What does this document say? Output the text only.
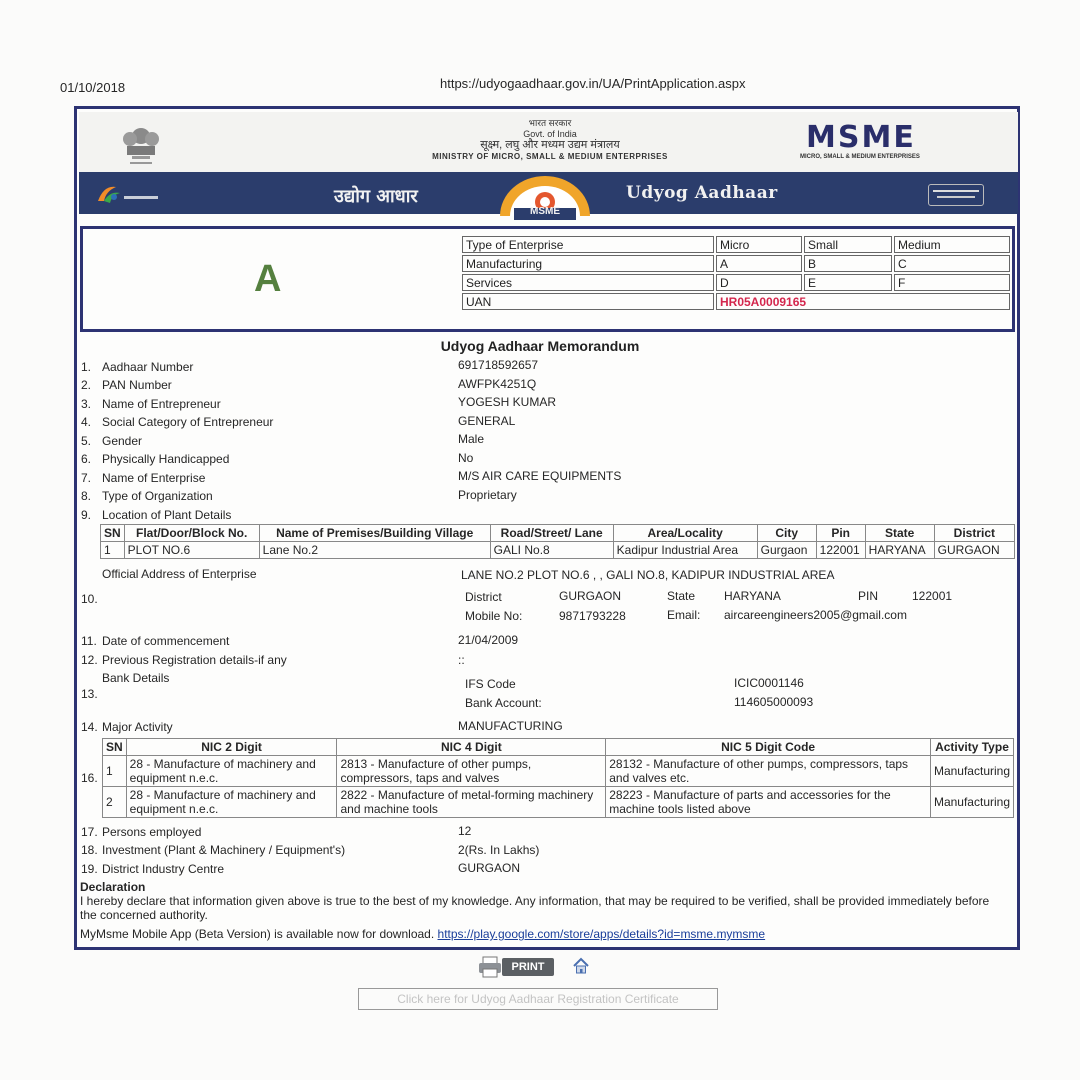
01/10/2018	https://udyogaadhaar.gov.in/UA/PrintApplication.aspx
भारत सरकार
Govt. of India
सूक्ष्म, लघु और मध्यम उद्यम मंत्रालय
MINISTRY OF MICRO, SMALL & MEDIUM ENTERPRISES
MSME
MICRO, SMALL & MEDIUM ENTERPRISES
उद्योग आधार
MSME
Udyog Aadhaar
A
Type of Enterprise	Micro	Small	Medium
Manufacturing	A	B	C
Services	D	E	F
UAN	HR05A0009165		
Udyog Aadhaar Memorandum
1. Aadhaar Number	691718592657
2. PAN Number	AWFPK4251Q
3. Name of Entrepreneur	YOGESH KUMAR
4. Social Category of Entrepreneur	GENERAL
5. Gender	Male
6. Physically Handicapped	No
7. Name of Enterprise	M/S AIR CARE EQUIPMENTS
8. Type of Organization	Proprietary
9. Location of Plant Details
SN	Flat/Door/Block No.	Name of Premises/Building Village	Road/Street/ Lane	Area/Locality	City	Pin	State	District
1	PLOT NO.6	Lane No.2	GALI No.8	Kadipur Industrial Area	Gurgaon	122001	HARYANA	GURGAON
Official Address of Enterprise
10.
LANE NO.2 PLOT NO.6 , , GALI NO.8, KADIPUR INDUSTRIAL AREA
District	GURGAON	State HARYANA	PIN	122001
Mobile No:	9871793228	Email: aircareengineers2005@gmail.com
11. Date of commencement	21/04/2009
12. Previous Registration details-if any	::
Bank Details
13.
IFS Code	ICIC0001146
Bank Account:	114605000093
14. Major Activity	MANUFACTURING
16.
SN	NIC 2 Digit	NIC 4 Digit	NIC 5 Digit Code	Activity Type
1	28 - Manufacture of machinery and equipment n.e.c.	2813 - Manufacture of other pumps, compressors, taps and valves	28132 - Manufacture of other pumps, compressors, taps and valves etc.	Manufacturing
2	28 - Manufacture of machinery and equipment n.e.c.	2822 - Manufacture of metal-forming machinery and machine tools	28223 - Manufacture of parts and accessories for the machine tools listed above	Manufacturing
17. Persons employed	12
18. Investment (Plant & Machinery / Equipment's)	2(Rs. In Lakhs)
19. District Industry Centre	GURGAON
Declaration
I hereby declare that information given above is true to the best of my knowledge. Any information, that may be required to be verified, shall be provided immediately before the concerned authority.
MyMsme Mobile App (Beta Version) is available now for download. https://play.google.com/store/apps/details?id=msme.mymsme
PRINT
Click here for Udyog Aadhaar Registration Certificate
